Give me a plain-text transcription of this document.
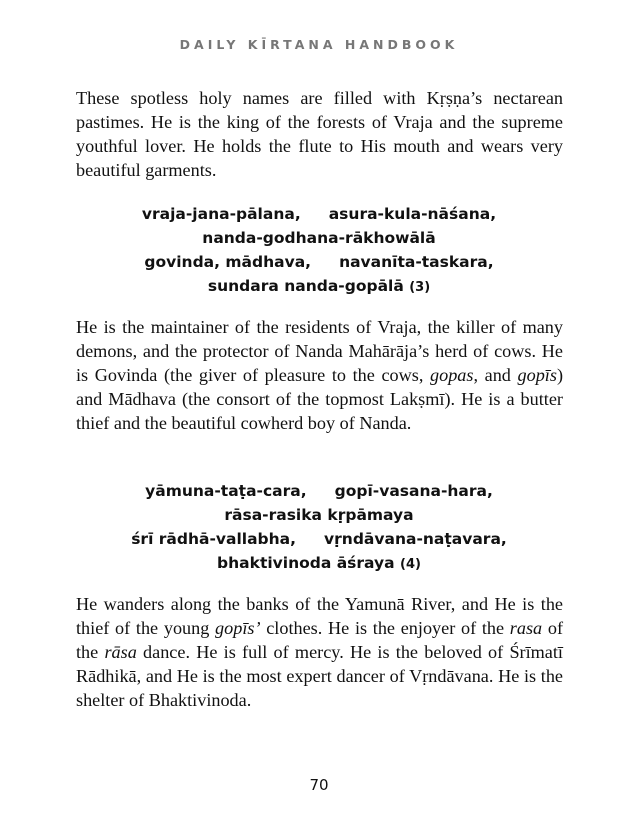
DAILY KĪRTANA HANDBOOK

These spotless holy names are filled with Kṛṣṇa’s nectarean pastimes. He is the king of the forests of Vraja and the supreme youthful lover. He holds the flute to His mouth and wears very beautiful garments.

vraja-jana-pālana, asura-kula-nāśana,
nanda-godhana-rākhowālā
govinda, mādhava, navanīta-taskara,
sundara nanda-gopālā (3)

He is the maintainer of the residents of Vraja, the killer of many demons, and the protector of Nanda Mahārāja’s herd of cows. He is Govinda (the giver of pleasure to the cows, gopas, and gopīs) and Mādhava (the consort of the topmost Lakṣmī). He is a butter thief and the beautiful cowherd boy of Nanda.

yāmuna-taṭa-cara, gopī-vasana-hara,
rāsa-rasika kṛpāmaya
śrī rādhā-vallabha, vṛndāvana-naṭavara,
bhaktivinoda āśraya (4)

He wanders along the banks of the Yamunā River, and He is the thief of the young gopīs’ clothes. He is the enjoyer of the rasa of the rāsa dance. He is full of mercy. He is the beloved of Śrīmatī Rādhikā, and He is the most expert dancer of Vṛndāvana. He is the shelter of Bhaktivinoda.

70
